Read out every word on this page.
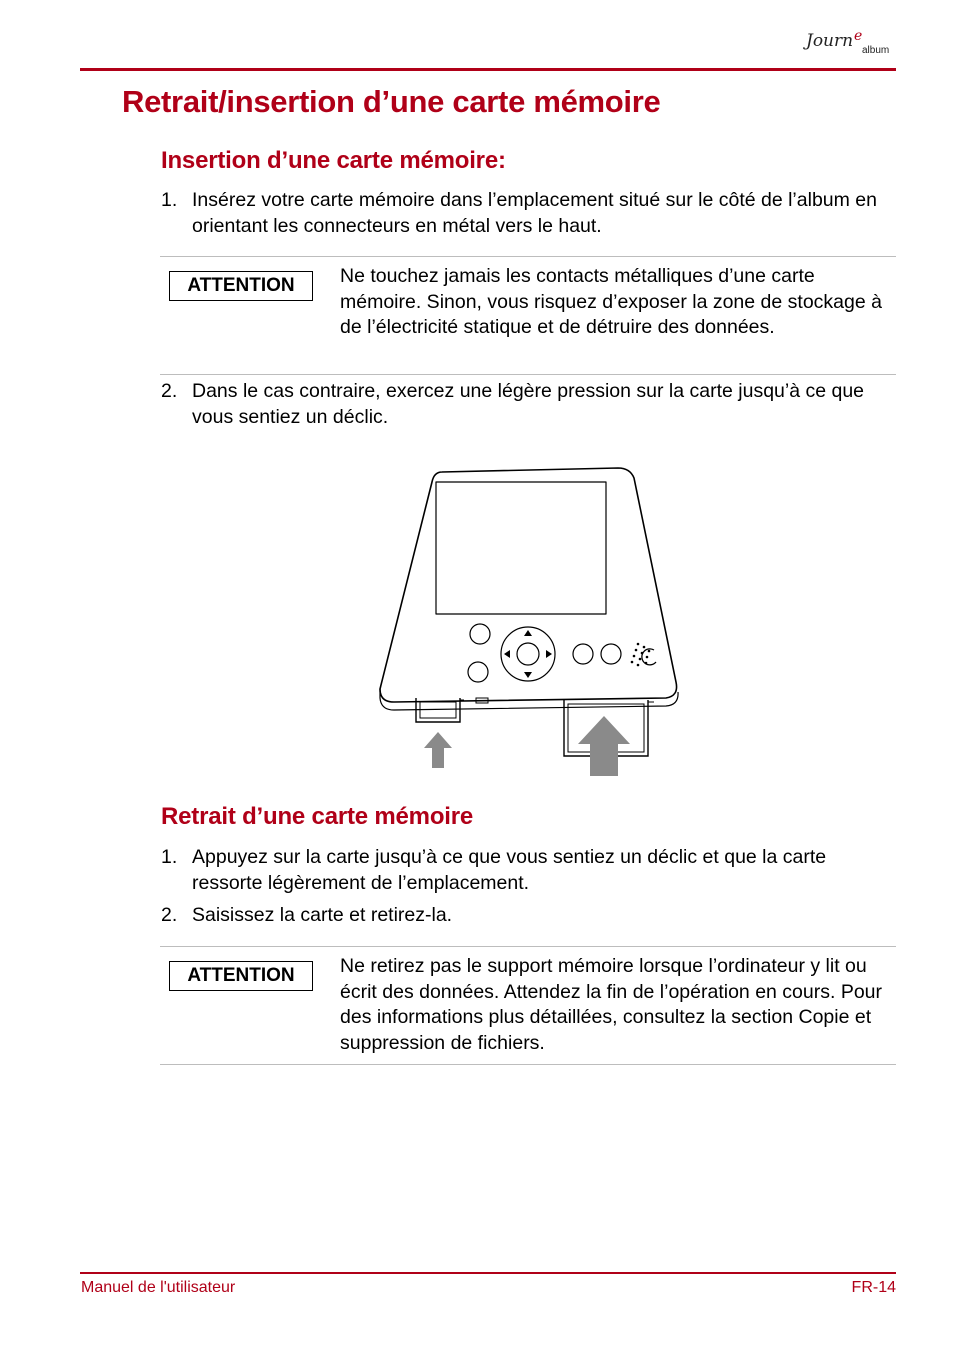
Journ e
album
Retrait/insertion d’une carte mémoire
Insertion d’une carte mémoire:
1. Insérez votre carte mémoire dans l’emplacement situé sur le côté de l’album en orientant les connecteurs en métal vers le haut.
ATTENTION	Ne touchez jamais les contacts métalliques d’une carte mémoire. Sinon, vous risquez d’exposer la zone de stockage à de l’électricité statique et de détruire des données.
2. Dans le cas contraire, exercez une légère pression sur la carte jusqu’à ce que vous sentiez un déclic.
Retrait d’une carte mémoire
1. Appuyez sur la carte jusqu’à ce que vous sentiez un déclic et que la carte ressorte légèrement de l’emplacement.
2. Saisissez la carte et retirez-la.
ATTENTION	Ne retirez pas le support mémoire lorsque l’ordinateur y lit ou écrit des données. Attendez la fin de l’opération en cours. Pour des informations plus détaillées, consultez la section Copie et suppression de fichiers.
Manuel de l'utilisateur	FR-14
